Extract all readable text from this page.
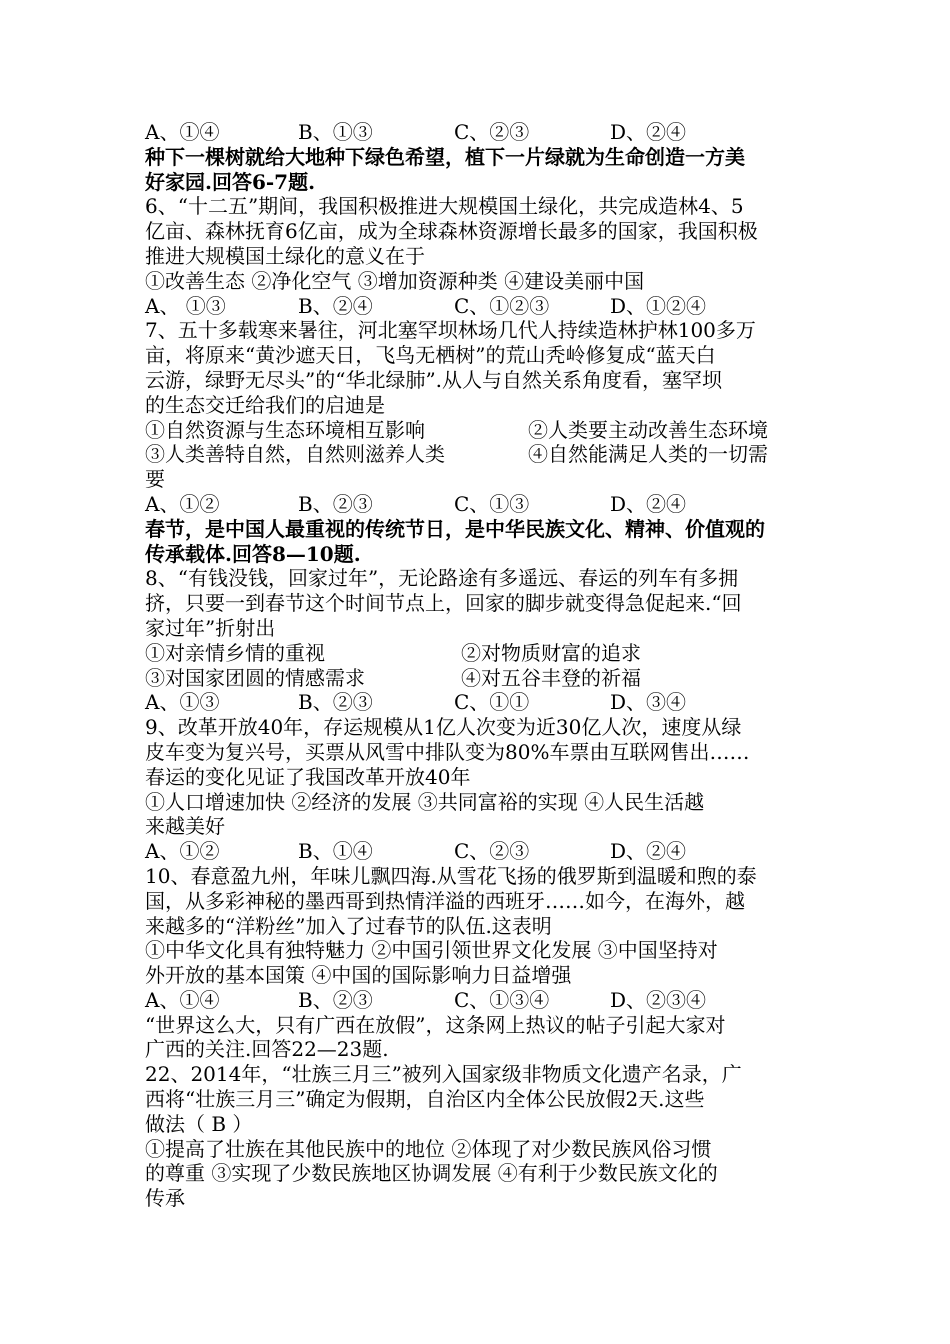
A、①④	B、①③	C、②③	D、②④
种下一棵树就给大地种下绿色希望，植下一片绿就为生命创造一方美
好家园.回答6-7题.
6、“十二五”期间，我国积极推进大规模国土绿化，共完成造林4、5
亿亩、森林抚育6亿亩，成为全球森林资源增长最多的国家，我国积极
推进大规模国土绿化的意义在于
①改善生态 ②净化空气 ③增加资源种类 ④建设美丽中国
A、 ①③	B、②④	C、①②③	D、①②④
7、五十多载寒来暑往，河北塞罕坝林场几代人持续造林护林100多万
亩，将原来“黄沙遮天日，飞鸟无栖树”的荒山秃岭修复成“蓝天白
云游，绿野无尽头”的“华北绿肺”.从人与自然关系角度看，塞罕坝
的生态交迁给我们的启迪是
①自然资源与生态环境相互影响	②人类要主动改善生态环境
③人类善特自然，自然则滋养人类	④自然能满足人类的一切需
要
A、①②	B、②③	C、①③	D、②④
春节，是中国人最重视的传统节日，是中华民族文化、精神、价值观的
传承载体.回答8—10题.
8、“有钱没钱，回家过年”，无论路途有多遥远、春运的列车有多拥
挤，只要一到春节这个时间节点上，回家的脚步就变得急促起来.“回
家过年”折射出
①对亲情乡情的重视	②对物质财富的追求
③对国家团圆的情感需求	④对五谷丰登的祈福
A、①③	B、②③	C、①①	D、③④
9、改革开放40年，存运规模从1亿人次变为近30亿人次，速度从绿
皮车变为复兴号，买票从风雪中排队变为80%车票由互联网售出……
春运的变化见证了我国改革开放40年
①人口增速加快 ②经济的发展 ③共同富裕的实现 ④人民生活越
来越美好
A、①②	B、①④	C、②③	D、②④
10、春意盈九州，年味儿飘四海.从雪花飞扬的俄罗斯到温暖和煦的泰
国，从多彩神秘的墨西哥到热情洋溢的西班牙……如今，在海外，越
来越多的“洋粉丝”加入了过春节的队伍.这表明
①中华文化具有独特魅力 ②中国引领世界文化发展 ③中国坚持对
外开放的基本国策 ④中国的国际影响力日益增强
A、①④	B、②③	C、①③④	D、②③④
“世界这么大，只有广西在放假”，这条网上热议的帖子引起大家对
广西的关注.回答22—23题.
22、2014年，“壮族三月三”被列入国家级非物质文化遗产名录，广
西将“壮族三月三”确定为假期，自治区内全体公民放假2天.这些
做法（ B ）
①提高了壮族在其他民族中的地位 ②体现了对少数民族风俗习惯
的尊重 ③实现了少数民族地区协调发展 ④有利于少数民族文化的
传承
